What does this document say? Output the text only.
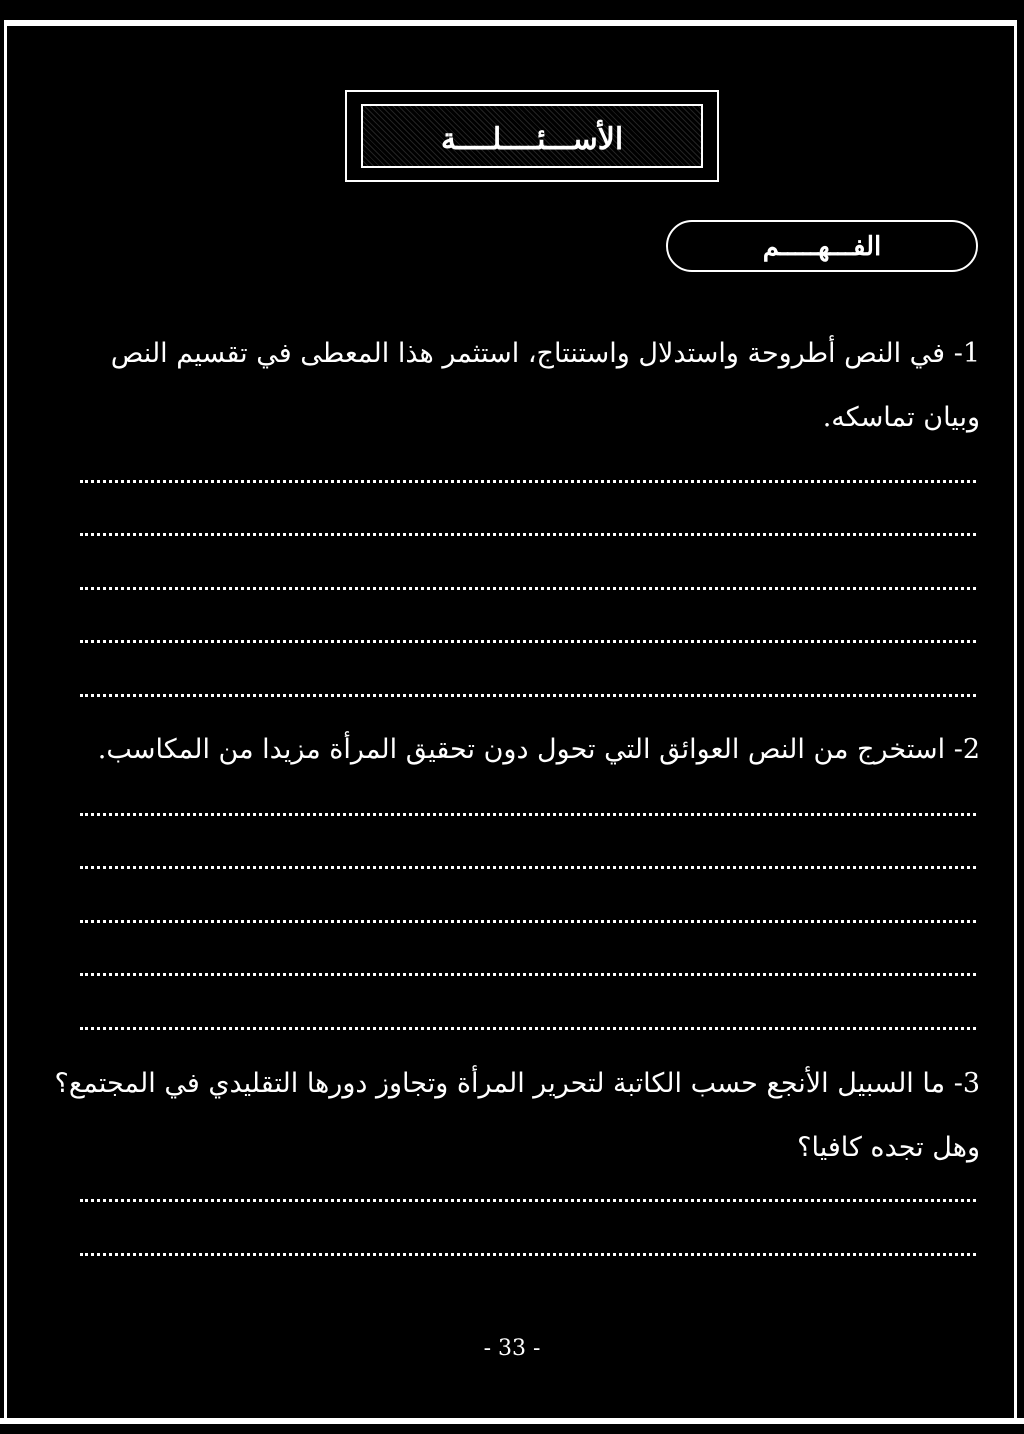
الأســـئــــلــــة
الفـــهـــــم
1- في النص أطروحة واستدلال واستنتاج، استثمر هذا المعطى في تقسيم النص وبيان تماسكه.
2- استخرج من النص العوائق التي تحول دون تحقيق المرأة مزيدا من المكاسب.
3- ما السبيل الأنجع حسب الكاتبة لتحرير المرأة وتجاوز دورها التقليدي في المجتمع؟ وهل تجده كافيا؟
- 33 -
